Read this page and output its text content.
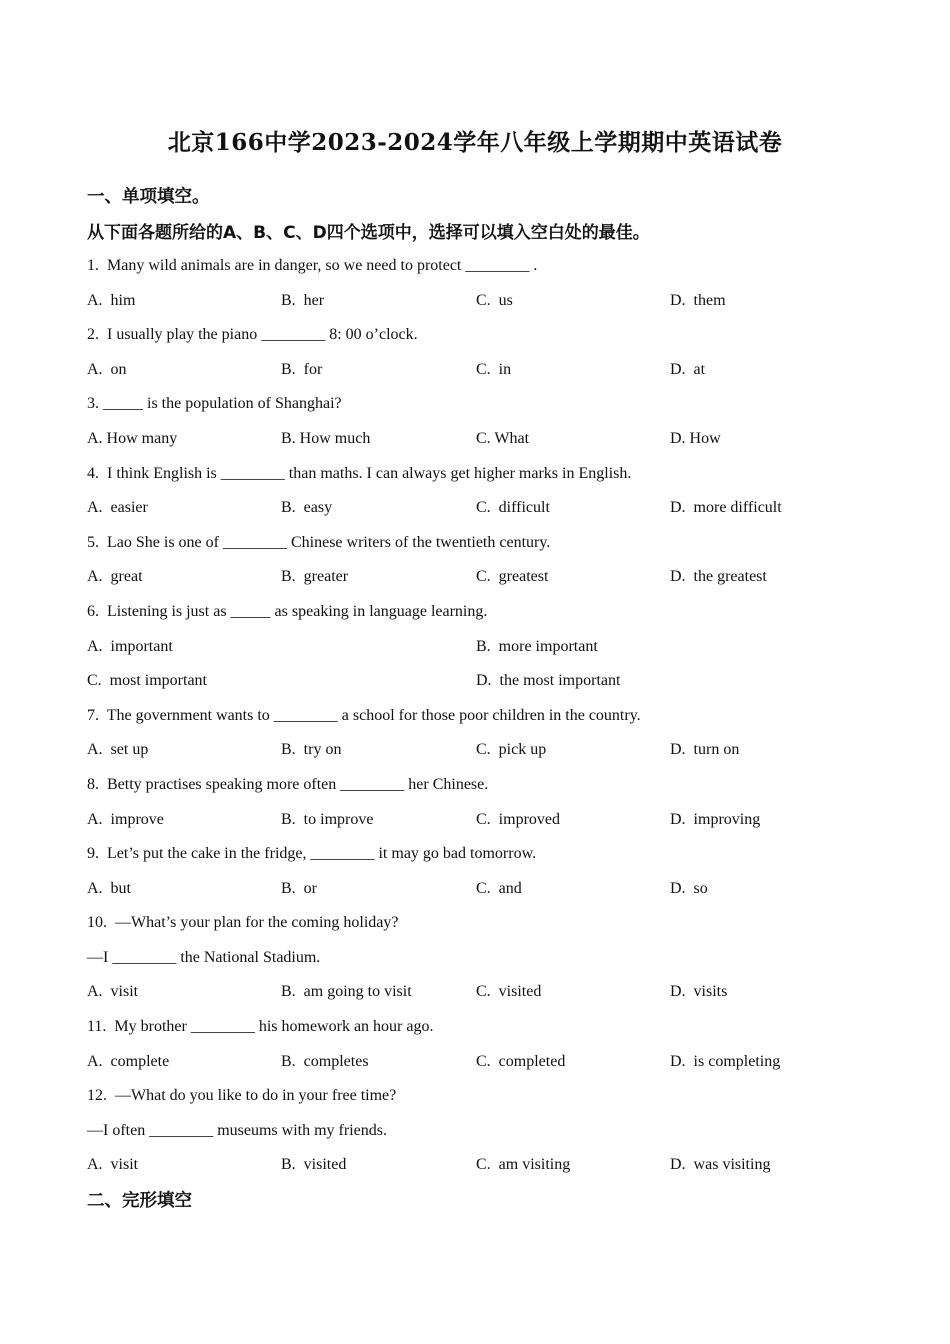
北京166中学2023-2024学年八年级上学期期中英语试卷
一、单项填空。
从下面各题所给的A、B、C、D四个选项中，选择可以填入空白处的最佳。
1.  Many wild animals are in danger, so we need to protect ________ .
A.  him	B.  her	C.  us	D.  them
2.  I usually play the piano ________ 8: 00 o’clock.
A.  on	B.  for	C.  in	D.  at
3. _____ is the population of Shanghai?
A. How many	B. How much	C. What	D. How
4.  I think English is ________ than maths. I can always get higher marks in English.
A.  easier	B.  easy	C.  difficult	D.  more difficult
5.  Lao She is one of ________ Chinese writers of the twentieth century.
A.  great	B.  greater	C.  greatest	D.  the greatest
6.  Listening is just as _____ as speaking in language learning.
A.  important	B.  more important
C.  most important	D.  the most important
7.  The government wants to ________ a school for those poor children in the country.
A.  set up	B.  try on	C.  pick up	D.  turn on
8.  Betty practises speaking more often ________ her Chinese.
A.  improve	B.  to improve	C.  improved	D.  improving
9.  Let’s put the cake in the fridge, ________ it may go bad tomorrow.
A.  but	B.  or	C.  and	D.  so
10.  —What’s your plan for the coming holiday?
—I ________ the National Stadium.
A.  visit	B.  am going to visit	C.  visited	D.  visits
11.  My brother ________ his homework an hour ago.
A.  complete	B.  completes	C.  completed	D.  is completing
12.  —What do you like to do in your free time?
—I often ________ museums with my friends.
A.  visit	B.  visited	C.  am visiting	D.  was visiting
二、完形填空
